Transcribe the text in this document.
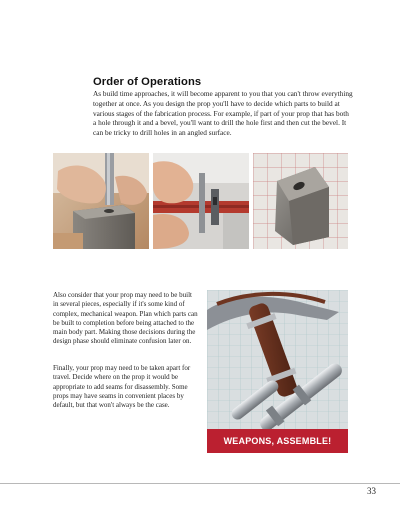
Order of Operations

As build time approaches, it will become apparent to you that you can't throw everything together at once. As you design the prop you'll have to decide which parts to build at various stages of the fabrication process. For example, if part of your prop that has both a hole through it and a bevel, you'll want to drill the hole first and then cut the bevel. It can be tricky to drill holes in an angled surface.

Also consider that your prop may need to be built in several pieces, especially if it's some kind of complex, mechanical weapon. Plan which parts can be built to completion before being attached to the main body part. Making those decisions during the design phase should eliminate confusion later on.

Finally, your prop may need to be taken apart for travel. Decide where on the prop it would be appropriate to add seams for disassembly. Some props may have seams in convenient places by default, but that won't always be the case.

WEAPONS, ASSEMBLE!
33
